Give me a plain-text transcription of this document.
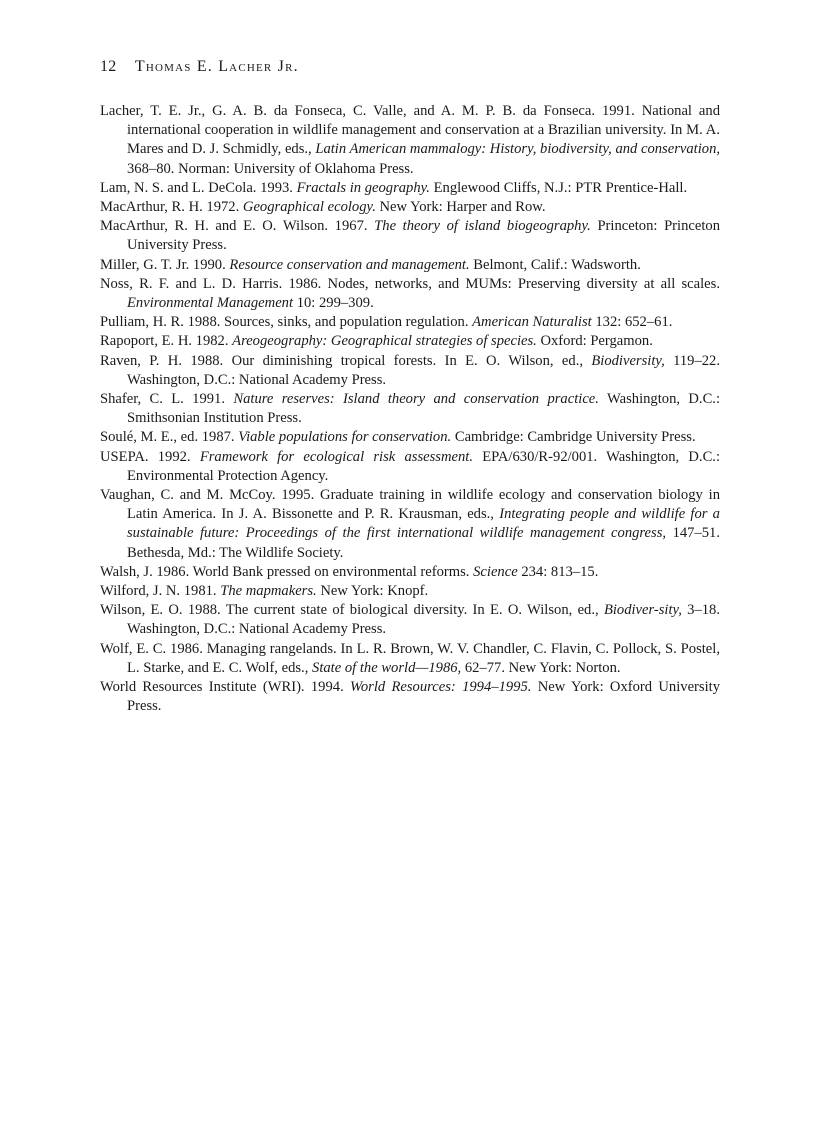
12 Thomas E. Lacher Jr.
Lacher, T. E. Jr., G. A. B. da Fonseca, C. Valle, and A. M. P. B. da Fonseca. 1991. National and international cooperation in wildlife management and conservation at a Brazilian university. In M. A. Mares and D. J. Schmidly, eds., Latin American mammalogy: History, biodiversity, and conservation, 368–80. Norman: University of Oklahoma Press.
Lam, N. S. and L. DeCola. 1993. Fractals in geography. Englewood Cliffs, N.J.: PTR Prentice-Hall.
MacArthur, R. H. 1972. Geographical ecology. New York: Harper and Row.
MacArthur, R. H. and E. O. Wilson. 1967. The theory of island biogeography. Princeton: Princeton University Press.
Miller, G. T. Jr. 1990. Resource conservation and management. Belmont, Calif.: Wadsworth.
Noss, R. F. and L. D. Harris. 1986. Nodes, networks, and MUMs: Preserving diversity at all scales. Environmental Management 10: 299–309.
Pulliam, H. R. 1988. Sources, sinks, and population regulation. American Naturalist 132: 652–61.
Rapoport, E. H. 1982. Areogeography: Geographical strategies of species. Oxford: Pergamon.
Raven, P. H. 1988. Our diminishing tropical forests. In E. O. Wilson, ed., Biodiversity, 119–22. Washington, D.C.: National Academy Press.
Shafer, C. L. 1991. Nature reserves: Island theory and conservation practice. Washington, D.C.: Smithsonian Institution Press.
Soulé, M. E., ed. 1987. Viable populations for conservation. Cambridge: Cambridge University Press.
USEPA. 1992. Framework for ecological risk assessment. EPA/630/R-92/001. Washington, D.C.: Environmental Protection Agency.
Vaughan, C. and M. McCoy. 1995. Graduate training in wildlife ecology and conservation biology in Latin America. In J. A. Bissonette and P. R. Krausman, eds., Integrating people and wildlife for a sustainable future: Proceedings of the first international wildlife management congress, 147–51. Bethesda, Md.: The Wildlife Society.
Walsh, J. 1986. World Bank pressed on environmental reforms. Science 234: 813–15.
Wilford, J. N. 1981. The mapmakers. New York: Knopf.
Wilson, E. O. 1988. The current state of biological diversity. In E. O. Wilson, ed., Biodiver-sity, 3–18. Washington, D.C.: National Academy Press.
Wolf, E. C. 1986. Managing rangelands. In L. R. Brown, W. V. Chandler, C. Flavin, C. Pollock, S. Postel, L. Starke, and E. C. Wolf, eds., State of the world—1986, 62–77. New York: Norton.
World Resources Institute (WRI). 1994. World Resources: 1994–1995. New York: Oxford University Press.
